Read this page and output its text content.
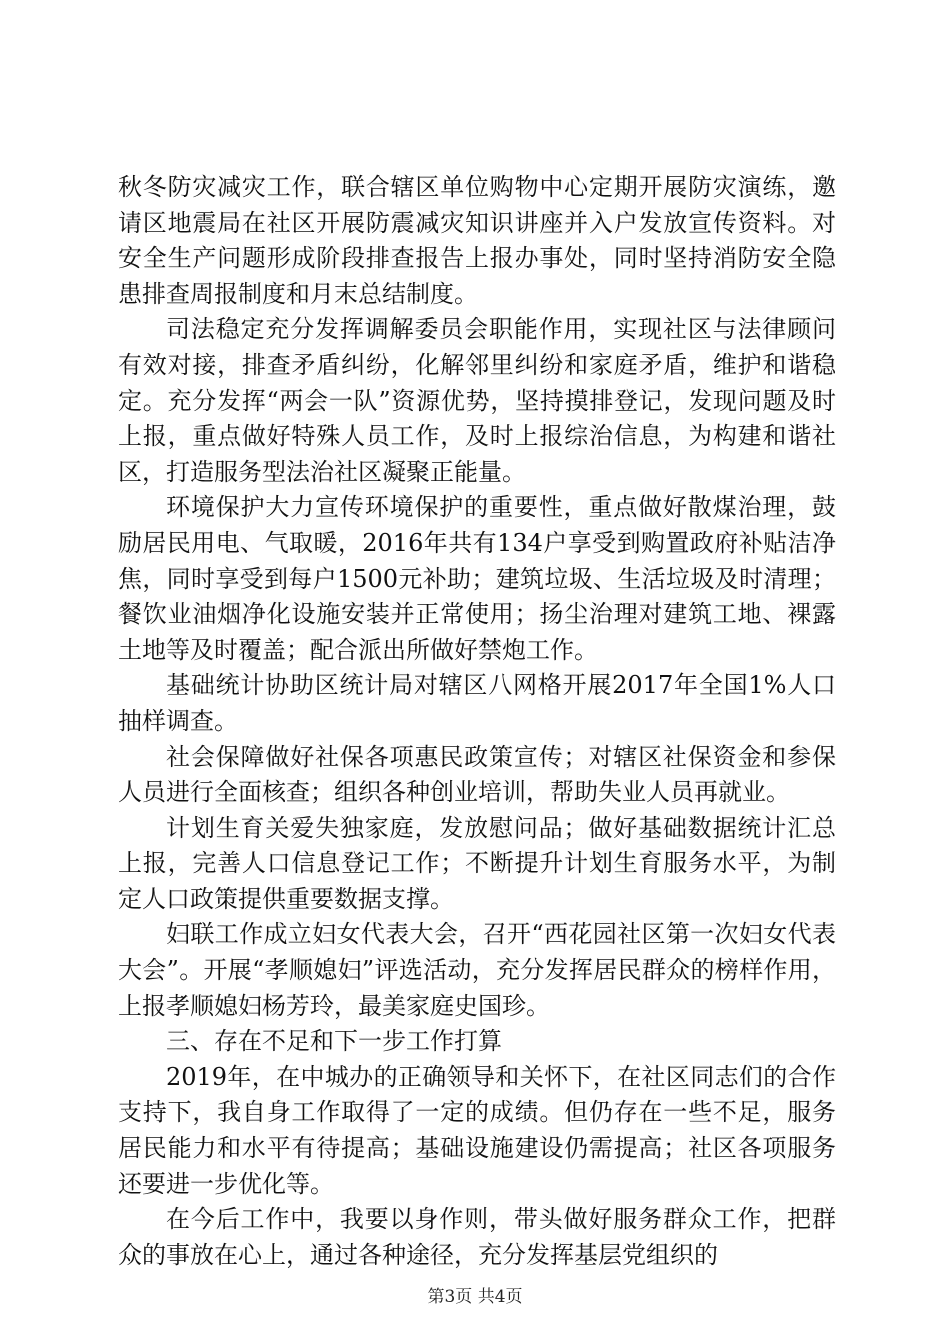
秋冬防灾减灾工作，联合辖区单位购物中心定期开展防灾演练，邀请区地震局在社区开展防震减灾知识讲座并入户发放宣传资料。对安全生产问题形成阶段排查报告上报办事处，同时坚持消防安全隐患排查周报制度和月末总结制度。

司法稳定充分发挥调解委员会职能作用，实现社区与法律顾问有效对接，排查矛盾纠纷，化解邻里纠纷和家庭矛盾，维护和谐稳定。充分发挥“两会一队”资源优势，坚持摸排登记，发现问题及时上报，重点做好特殊人员工作，及时上报综治信息，为构建和谐社区，打造服务型法治社区凝聚正能量。

环境保护大力宣传环境保护的重要性，重点做好散煤治理，鼓励居民用电、气取暖，2016年共有134户享受到购置政府补贴洁净焦，同时享受到每户1500元补助；建筑垃圾、生活垃圾及时清理；餐饮业油烟净化设施安装并正常使用；扬尘治理对建筑工地、裸露土地等及时覆盖；配合派出所做好禁炮工作。

基础统计协助区统计局对辖区八网格开展2017年全国1%人口抽样调查。

社会保障做好社保各项惠民政策宣传；对辖区社保资金和参保人员进行全面核查；组织各种创业培训，帮助失业人员再就业。

计划生育关爱失独家庭，发放慰问品；做好基础数据统计汇总上报，完善人口信息登记工作；不断提升计划生育服务水平，为制定人口政策提供重要数据支撑。

妇联工作成立妇女代表大会，召开“西花园社区第一次妇女代表大会”。开展“孝顺媳妇”评选活动，充分发挥居民群众的榜样作用，上报孝顺媳妇杨芳玲，最美家庭史国珍。

三、存在不足和下一步工作打算

2019年，在中城办的正确领导和关怀下，在社区同志们的合作支持下，我自身工作取得了一定的成绩。但仍存在一些不足，服务居民能力和水平有待提高；基础设施建设仍需提高；社区各项服务还要进一步优化等。

在今后工作中，我要以身作则，带头做好服务群众工作，把群众的事放在心上，通过各种途径，充分发挥基层党组织的

第3页 共4页
